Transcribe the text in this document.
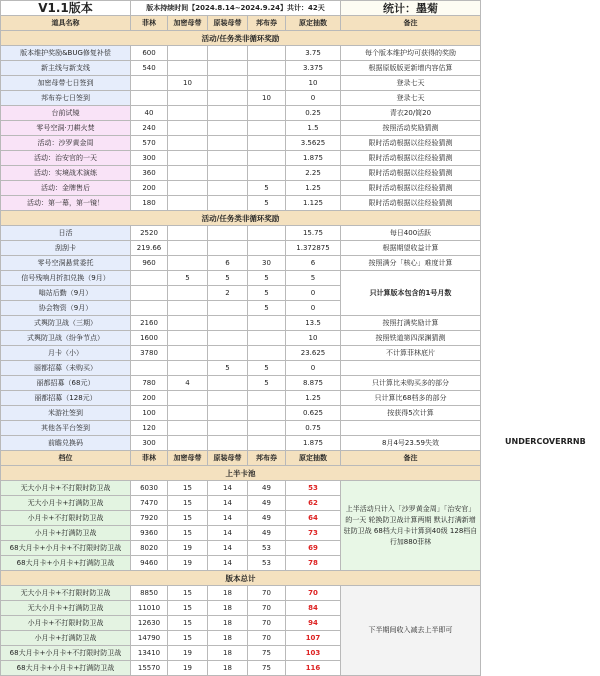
V1.1版本	版本持续时间【2024.8.14~2024.9.24】共计：42天					统计：墨菊
道具名称	菲林	加密母带	原装母带	邦布券	原定抽数	备注
活动/任务类非循环奖励						
版本维护奖励&BUG修复补偿	600				3.75	每个版本维护均可获得的奖励
新主线与新支线	540				3.375	根据原版版更新增内容估算
加密母带七日签到		10			10	登录七天
邦布券七日签到				10	0	登录七天
台前试镜	40				0.25	青衣20/简20
零号空洞·刀耕火焚	240				1.5	按照活动奖励猜测
活动：沙罗黄金周	570				3.5625	限时活动根据以往经验猜测
活动：治安官的一天	300				1.875	限时活动根据以往经验猜测
活动：实境战术演练	360				2.25	限时活动根据以往经验猜测
活动：金牌售后	200			5	1.25	限时活动根据以往经验猜测
活动：第一幕，第一镜！	180			5	1.125	限时活动根据以往经验猜测
活动/任务类非循环奖励						
日活	2520				15.75	每日400活跃
刮刮卡	219.66				1.372875	根据期望收益计算
零号空洞悬赏委托	960		6	30	6	按照满分「核心」难度计算
信号残响月折扣兑换（9月）		5	5	5	5	只计算版本包含的1号月数
嗡站后勤（9月）			2	5	0	
协会物资（9月）				5	0	
式舆防卫战（三期）	2160				13.5	按照打满奖励计算
式舆防卫战（纷争节点）	1600				10	按照铁道第四深渊猜测
月卡（小）	3780				23.625	不计算菲林底片
丽都招募（未购买）			5	5	0	
丽都招募（68元）	780	4		5	8.875	只计算比未购买多的部分
丽都招募（128元）	200				1.25	只计算比68档多的部分
米游社签到	100				0.625	按获得5次计算
其他各平台签到	120				0.75	
前瞻兑换码	300				1.875	8月4号23.59失效
档位	菲林	加密母带	原装母带	邦布券	原定抽数	备注
上半卡池						
无大小月卡+不打限时防卫战	6030	15	14	49	53	上半活动只计入「沙罗黄金周」「治安官」的一天 轮换防卫战计算两期 默认打满新增驻防卫战 68档大月卡计算到40级 128档自行加880菲林
无大小月卡+打满防卫战	7470	15	14	49	62	
小月卡+不打限时防卫战	7920	15	14	49	64	
小月卡+打满防卫战	9360	15	14	49	73	
68大月卡+小月卡+不打限时防卫战	8020	19	14	53	69	
68大月卡+小月卡+打满防卫战	9460	19	14	53	78	
版本总计						
无大小月卡+不打限时防卫战	8850	15	18	70	70	下半期间收入减去上半即可
无大小月卡+打满防卫战	11010	15	18	70	84	
小月卡+不打限时防卫战	12630	15	18	70	94	
小月卡+打满防卫战	14790	15	18	70	107	
68大月卡+小月卡+不打限时防卫战	13410	19	18	75	103	
68大月卡+小月卡+打满防卫战	15570	19	18	75	116	
UNDERCOVERRNB
